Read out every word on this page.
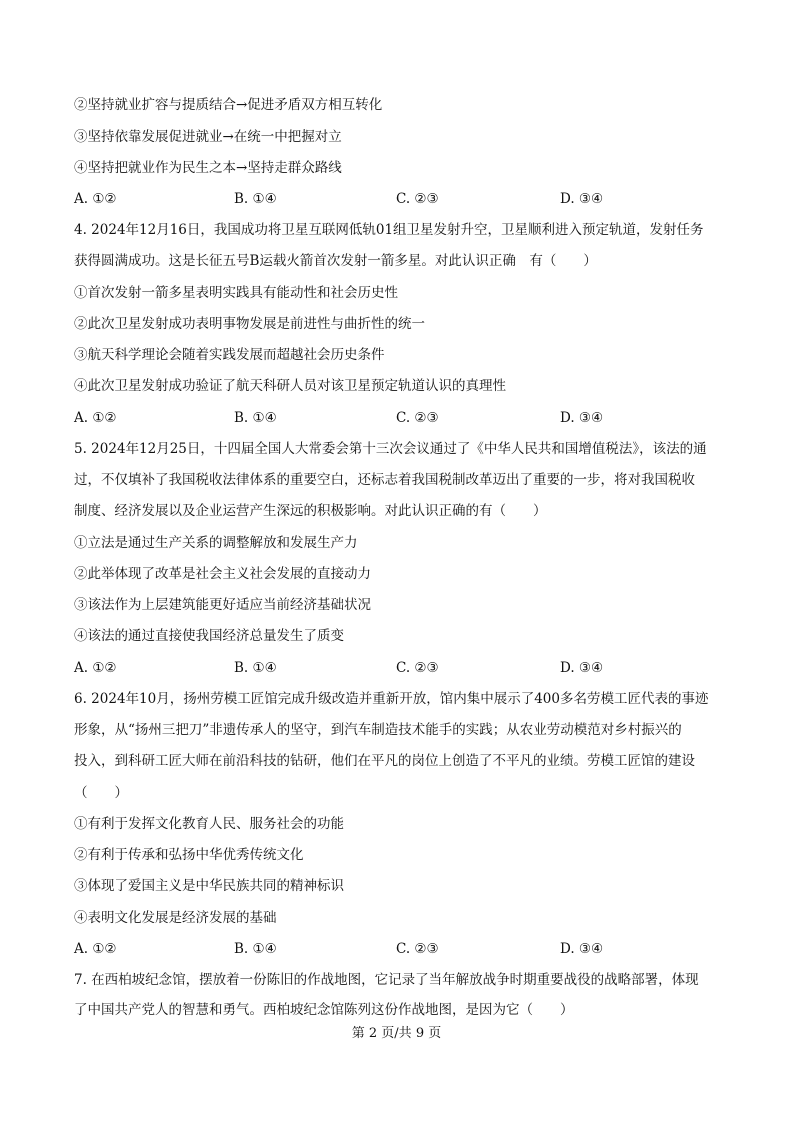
②坚持就业扩容与提质结合→促进矛盾双方相互转化
③坚持依靠发展促进就业→在统一中把握对立
④坚持把就业作为民生之本→坚持走群众路线
A. ①②	B. ①④	C. ②③	D. ③④
4. 2024年12月16日，我国成功将卫星互联网低轨01组卫星发射升空，卫星顺利进入预定轨道，发射任务
获得圆满成功。这是长征五号B运载火箭首次发射一箭多星。对此认识正确　有（　　）
①首次发射一箭多星表明实践具有能动性和社会历史性
②此次卫星发射成功表明事物发展是前进性与曲折性的统一
③航天科学理论会随着实践发展而超越社会历史条件
④此次卫星发射成功验证了航天科研人员对该卫星预定轨道认识的真理性
A. ①②	B. ①④	C. ②③	D. ③④
5. 2024年12月25日，十四届全国人大常委会第十三次会议通过了《中华人民共和国增值税法》，该法的通
过，不仅填补了我国税收法律体系的重要空白，还标志着我国税制改革迈出了重要的一步，将对我国税收
制度、经济发展以及企业运营产生深远的积极影响。对此认识正确的有（　　）
①立法是通过生产关系的调整解放和发展生产力
②此举体现了改革是社会主义社会发展的直接动力
③该法作为上层建筑能更好适应当前经济基础状况
④该法的通过直接使我国经济总量发生了质变
A. ①②	B. ①④	C. ②③	D. ③④
6. 2024年10月，扬州劳模工匠馆完成升级改造并重新开放，馆内集中展示了400多名劳模工匠代表的事迹
形象，从“扬州三把刀”非遗传承人的坚守，到汽车制造技术能手的实践；从农业劳动模范对乡村振兴的
投入，到科研工匠大师在前沿科技的钻研，他们在平凡的岗位上创造了不平凡的业绩。劳模工匠馆的建设
（　　）
①有利于发挥文化教育人民、服务社会的功能
②有利于传承和弘扬中华优秀传统文化
③体现了爱国主义是中华民族共同的精神标识
④表明文化发展是经济发展的基础
A. ①②	B. ①④	C. ②③	D. ③④
7. 在西柏坡纪念馆，摆放着一份陈旧的作战地图，它记录了当年解放战争时期重要战役的战略部署，体现
了中国共产党人的智慧和勇气。西柏坡纪念馆陈列这份作战地图，是因为它（　　）
第 2 页/共 9 页
